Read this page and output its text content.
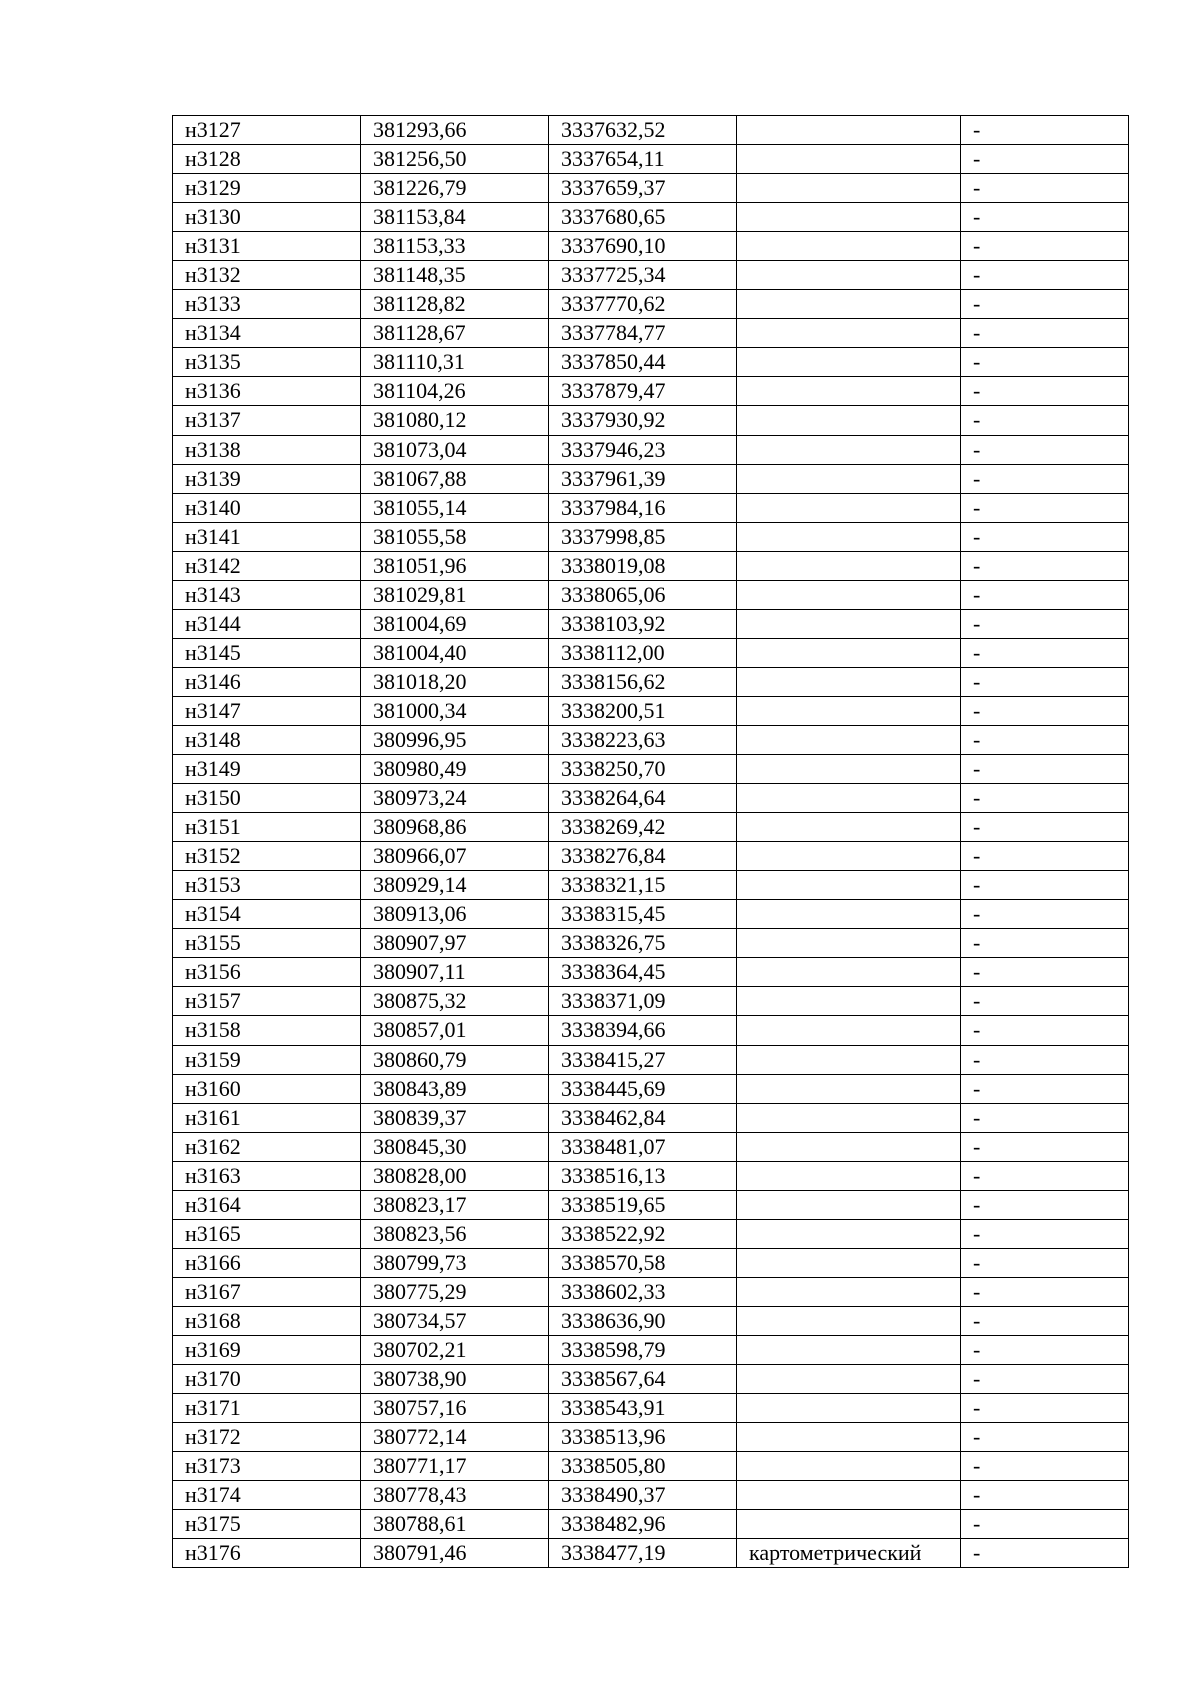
н3127	381293,66	3337632,52		-
н3128	381256,50	3337654,11		-
н3129	381226,79	3337659,37		-
н3130	381153,84	3337680,65		-
н3131	381153,33	3337690,10		-
н3132	381148,35	3337725,34		-
н3133	381128,82	3337770,62		-
н3134	381128,67	3337784,77		-
н3135	381110,31	3337850,44		-
н3136	381104,26	3337879,47		-
н3137	381080,12	3337930,92		-
н3138	381073,04	3337946,23		-
н3139	381067,88	3337961,39		-
н3140	381055,14	3337984,16		-
н3141	381055,58	3337998,85		-
н3142	381051,96	3338019,08		-
н3143	381029,81	3338065,06		-
н3144	381004,69	3338103,92		-
н3145	381004,40	3338112,00		-
н3146	381018,20	3338156,62		-
н3147	381000,34	3338200,51		-
н3148	380996,95	3338223,63		-
н3149	380980,49	3338250,70		-
н3150	380973,24	3338264,64		-
н3151	380968,86	3338269,42		-
н3152	380966,07	3338276,84		-
н3153	380929,14	3338321,15		-
н3154	380913,06	3338315,45		-
н3155	380907,97	3338326,75		-
н3156	380907,11	3338364,45		-
н3157	380875,32	3338371,09		-
н3158	380857,01	3338394,66		-
н3159	380860,79	3338415,27		-
н3160	380843,89	3338445,69		-
н3161	380839,37	3338462,84		-
н3162	380845,30	3338481,07		-
н3163	380828,00	3338516,13		-
н3164	380823,17	3338519,65		-
н3165	380823,56	3338522,92		-
н3166	380799,73	3338570,58		-
н3167	380775,29	3338602,33		-
н3168	380734,57	3338636,90		-
н3169	380702,21	3338598,79		-
н3170	380738,90	3338567,64		-
н3171	380757,16	3338543,91		-
н3172	380772,14	3338513,96		-
н3173	380771,17	3338505,80		-
н3174	380778,43	3338490,37		-
н3175	380788,61	3338482,96		-
н3176	380791,46	3338477,19	картометрический	-
